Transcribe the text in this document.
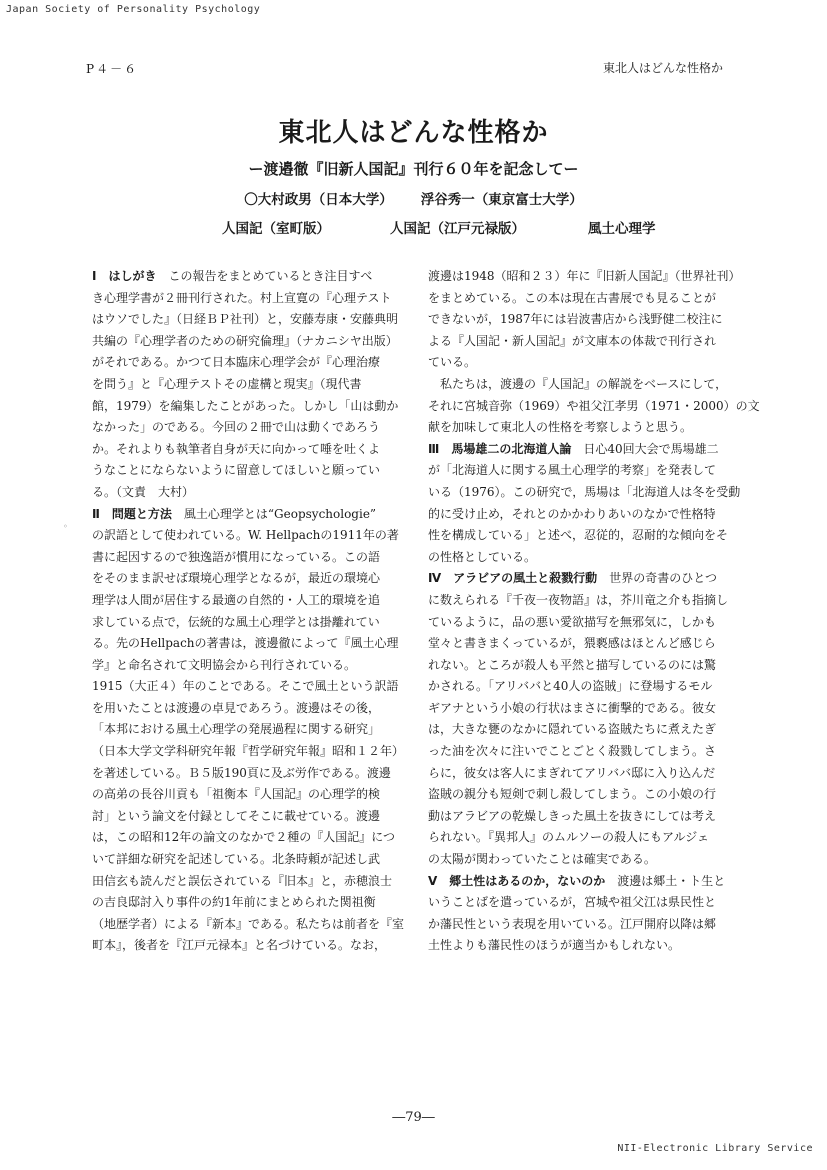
Japan Society of Personality Psychology
P４－６	東北人はどんな性格か
東北人はどんな性格か
ー渡邉徹『旧新人国記』刊行６０年を記念してー
〇大村政男（日本大学） 浮谷秀一（東京富士大学）
人国記（室町版）	人国記（江戸元禄版）	風土心理学

Ⅰ　はしがき　この報告をまとめているとき注目すべ

き心理学書が２冊刊行された。村上宣寛の『心理テスト

はウソでした』（日経ＢＰ社刊）と，安藤寿康・安藤典明

共編の『心理学者のための研究倫理』（ナカニシヤ出版）

がそれである。かつて日本臨床心理学会が『心理治療

を問う』と『心理テストその虚構と現実』（現代書

館，1979）を編集したことがあった。しかし「山は動か

なかった」のである。今回の２冊で山は動くであろう

か。それよりも執筆者自身が天に向かって唾を吐くよ

うなことにならないように留意してほしいと願ってい

る。（文責　大村）

Ⅱ　問題と方法　風土心理学とは“Geopsychologie”

の訳語として使われている。W. Hellpachの1911年の著

書に起因するので独逸語が慣用になっている。この語

をそのまま訳せば環境心理学となるが，最近の環境心

理学は人間が居住する最適の自然的・人工的環境を追

求している点で，伝統的な風土心理学とは掛離れてい

る。先のHellpachの著書は，渡邊徹によって『風土心理

学』と命名されて文明協会から刊行されている。

1915（大正４）年のことである。そこで風土という訳語

を用いたことは渡邊の卓見であろう。渡邊はその後，

「本邦における風土心理学の発展過程に関する研究」

（日本大学文学科研究年報『哲学研究年報』昭和１２年）

を著述している。Ｂ５版190頁に及ぶ労作である。渡邊

の高弟の長谷川貢も「祖衡本『人国記』の心理学的検

討」という論文を付録としてそこに載せている。渡邊

は，この昭和12年の論文のなかで２種の『人国記』につ

いて詳細な研究を記述している。北条時頼が記述し武

田信玄も読んだと誤伝されている『旧本』と，赤穂浪士

の吉良邸討入り事件の約1年前にまとめられた関祖衡

（地歴学者）による『新本』である。私たちは前者を『室

町本』，後者を『江戸元禄本』と名づけている。なお，

渡邊は1948（昭和２３）年に『旧新人国記』（世界社刊）

をまとめている。この本は現在古書展でも見ることが

できないが，1987年には岩波書店から浅野健二校注に

よる『人国記・新人国記』が文庫本の体裁で刊行され

ている。

　私たちは，渡邊の『人国記』の解説をベースにして，

それに宮城音弥（1969）や祖父江孝男（1971・2000）の文

献を加味して東北人の性格を考察しようと思う。

Ⅲ　馬場雄二の北海道人論　日心40回大会で馬場雄二

が「北海道人に関する風土心理学的考察」を発表して

いる（1976）。この研究で，馬場は「北海道人は冬を受動

的に受け止め，それとのかかわりあいのなかで性格特

性を構成している」と述べ，忍従的，忍耐的な傾向をそ

の性格としている。

Ⅳ　アラビアの風土と殺戮行動　世界の奇書のひとつ

に数えられる『千夜一夜物語』は，芥川竜之介も指摘し

ているように，品の悪い愛欲描写を無邪気に，しかも

堂々と書きまくっているが，猥褻感はほとんど感じら

れない。ところが殺人も平然と描写しているのには驚

かされる。「アリババと40人の盗賊」に登場するモル

ギアナという小娘の行状はまさに衝撃的である。彼女

は，大きな甕のなかに隠れている盗賊たちに煮えたぎ

った油を次々に注いでことごとく殺戮してしまう。さ

らに，彼女は客人にまぎれてアリババ邸に入り込んだ

盗賊の親分も短剣で刺し殺してしまう。この小娘の行

動はアラビアの乾燥しきった風土を抜きにしては考え

られない。『異邦人』のムルソーの殺人にもアルジェ

の太陽が関わっていたことは確実である。

Ⅴ　郷土性はあるのか，ないのか　渡邊は郷土・ト生と

いうことばを遣っているが，宮城や祖父江は県民性と

か藩民性という表現を用いている。江戸開府以降は郷

土性よりも藩民性のほうが適当かもしれない。

◦
―79―
NII-Electronic Library Service
